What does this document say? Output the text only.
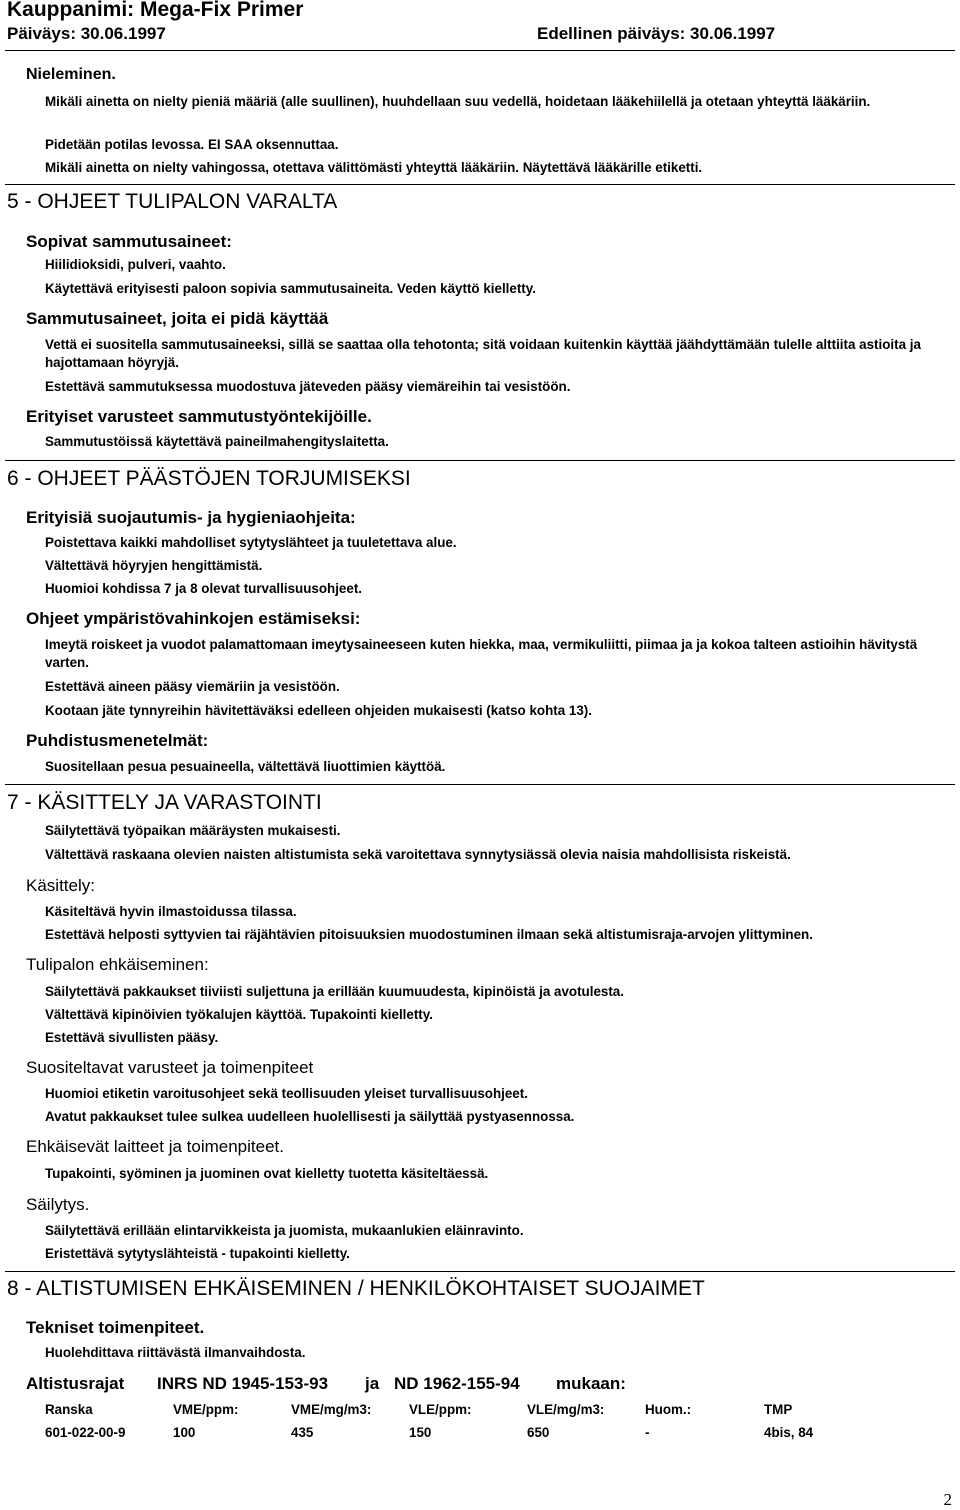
Kauppanimi: Mega-Fix Primer
Päiväys: 30.06.1997	Edellinen päiväys: 30.06.1997
Nieleminen.
Mikäli ainetta on nielty pieniä määriä (alle suullinen), huuhdellaan suu vedellä, hoidetaan lääkehiilellä ja otetaan yhteyttä lääkäriin.
Pidetään potilas levossa. EI SAA oksennuttaa.
Mikäli ainetta on nielty vahingossa, otettava välittömästi yhteyttä lääkäriin. Näytettävä lääkärille etiketti.
5 - OHJEET TULIPALON VARALTA
Sopivat sammutusaineet:
Hiilidioksidi, pulveri, vaahto.
Käytettävä erityisesti paloon sopivia sammutusaineita. Veden käyttö kielletty.
Sammutusaineet, joita ei pidä käyttää
Vettä ei suositella sammutusaineeksi, sillä se saattaa olla tehotonta; sitä voidaan kuitenkin käyttää jäähdyttämään tulelle alttiita astioita ja hajottamaan höyryjä.
Estettävä sammutuksessa muodostuva jäteveden pääsy viemäreihin tai vesistöön.
Erityiset varusteet sammutustyöntekijöille.
Sammutustöissä käytettävä paineilmahengityslaitetta.
6 - OHJEET PÄÄSTÖJEN TORJUMISEKSI
Erityisiä suojautumis- ja hygieniaohjeita:
Poistettava kaikki mahdolliset sytytyslähteet ja tuuletettava alue.
Vältettävä höyryjen hengittämistä.
Huomioi kohdissa 7 ja 8 olevat turvallisuusohjeet.
Ohjeet ympäristövahinkojen estämiseksi:
Imeytä roiskeet ja vuodot palamattomaan imeytysaineeseen kuten hiekka, maa, vermikuliitti, piimaa ja ja kokoa talteen astioihin hävitystä varten.
Estettävä aineen pääsy viemäriin ja vesistöön.
Kootaan jäte tynnyreihin hävitettäväksi edelleen ohjeiden mukaisesti (katso kohta 13).
Puhdistusmenetelmät:
Suositellaan pesua pesuaineella, vältettävä liuottimien käyttöä.
7 - KÄSITTELY JA VARASTOINTI
Säilytettävä työpaikan määräysten mukaisesti.
Vältettävä raskaana olevien naisten altistumista sekä varoitettava synnytysiässä olevia naisia mahdollisista riskeistä.
Käsittely:
Käsiteltävä hyvin ilmastoidussa tilassa.
Estettävä helposti syttyvien tai räjähtävien pitoisuuksien muodostuminen ilmaan sekä altistumisraja-arvojen ylittyminen.
Tulipalon ehkäiseminen:
Säilytettävä pakkaukset tiiviisti suljettuna ja erillään kuumuudesta, kipinöistä ja avotulesta.
Vältettävä kipinöivien työkalujen käyttöä. Tupakointi kielletty.
Estettävä sivullisten pääsy.
Suositeltavat varusteet ja toimenpiteet
Huomioi etiketin varoitusohjeet sekä teollisuuden yleiset turvallisuusohjeet.
Avatut pakkaukset tulee sulkea uudelleen huolellisesti ja säilyttää pystyasennossa.
Ehkäisevät laitteet ja toimenpiteet.
Tupakointi, syöminen ja juominen ovat kielletty tuotetta käsiteltäessä.
Säilytys.
Säilytettävä erillään elintarvikkeista ja juomista, mukaanlukien eläinravinto.
Eristettävä sytytyslähteistä - tupakointi kielletty.
8 - ALTISTUMISEN EHKÄISEMINEN / HENKILÖKOHTAISET SUOJAIMET
Tekniset toimenpiteet.
Huolehdittava riittävästä ilmanvaihdosta.
Altistusrajat INRS ND 1945-153-93 ja ND 1962-155-94 mukaan:
Ranska	VME/ppm:	VME/mg/m3:	VLE/ppm:	VLE/mg/m3:	Huom.:	TMP
601-022-00-9	100	435	150	650	-	4bis, 84
2
